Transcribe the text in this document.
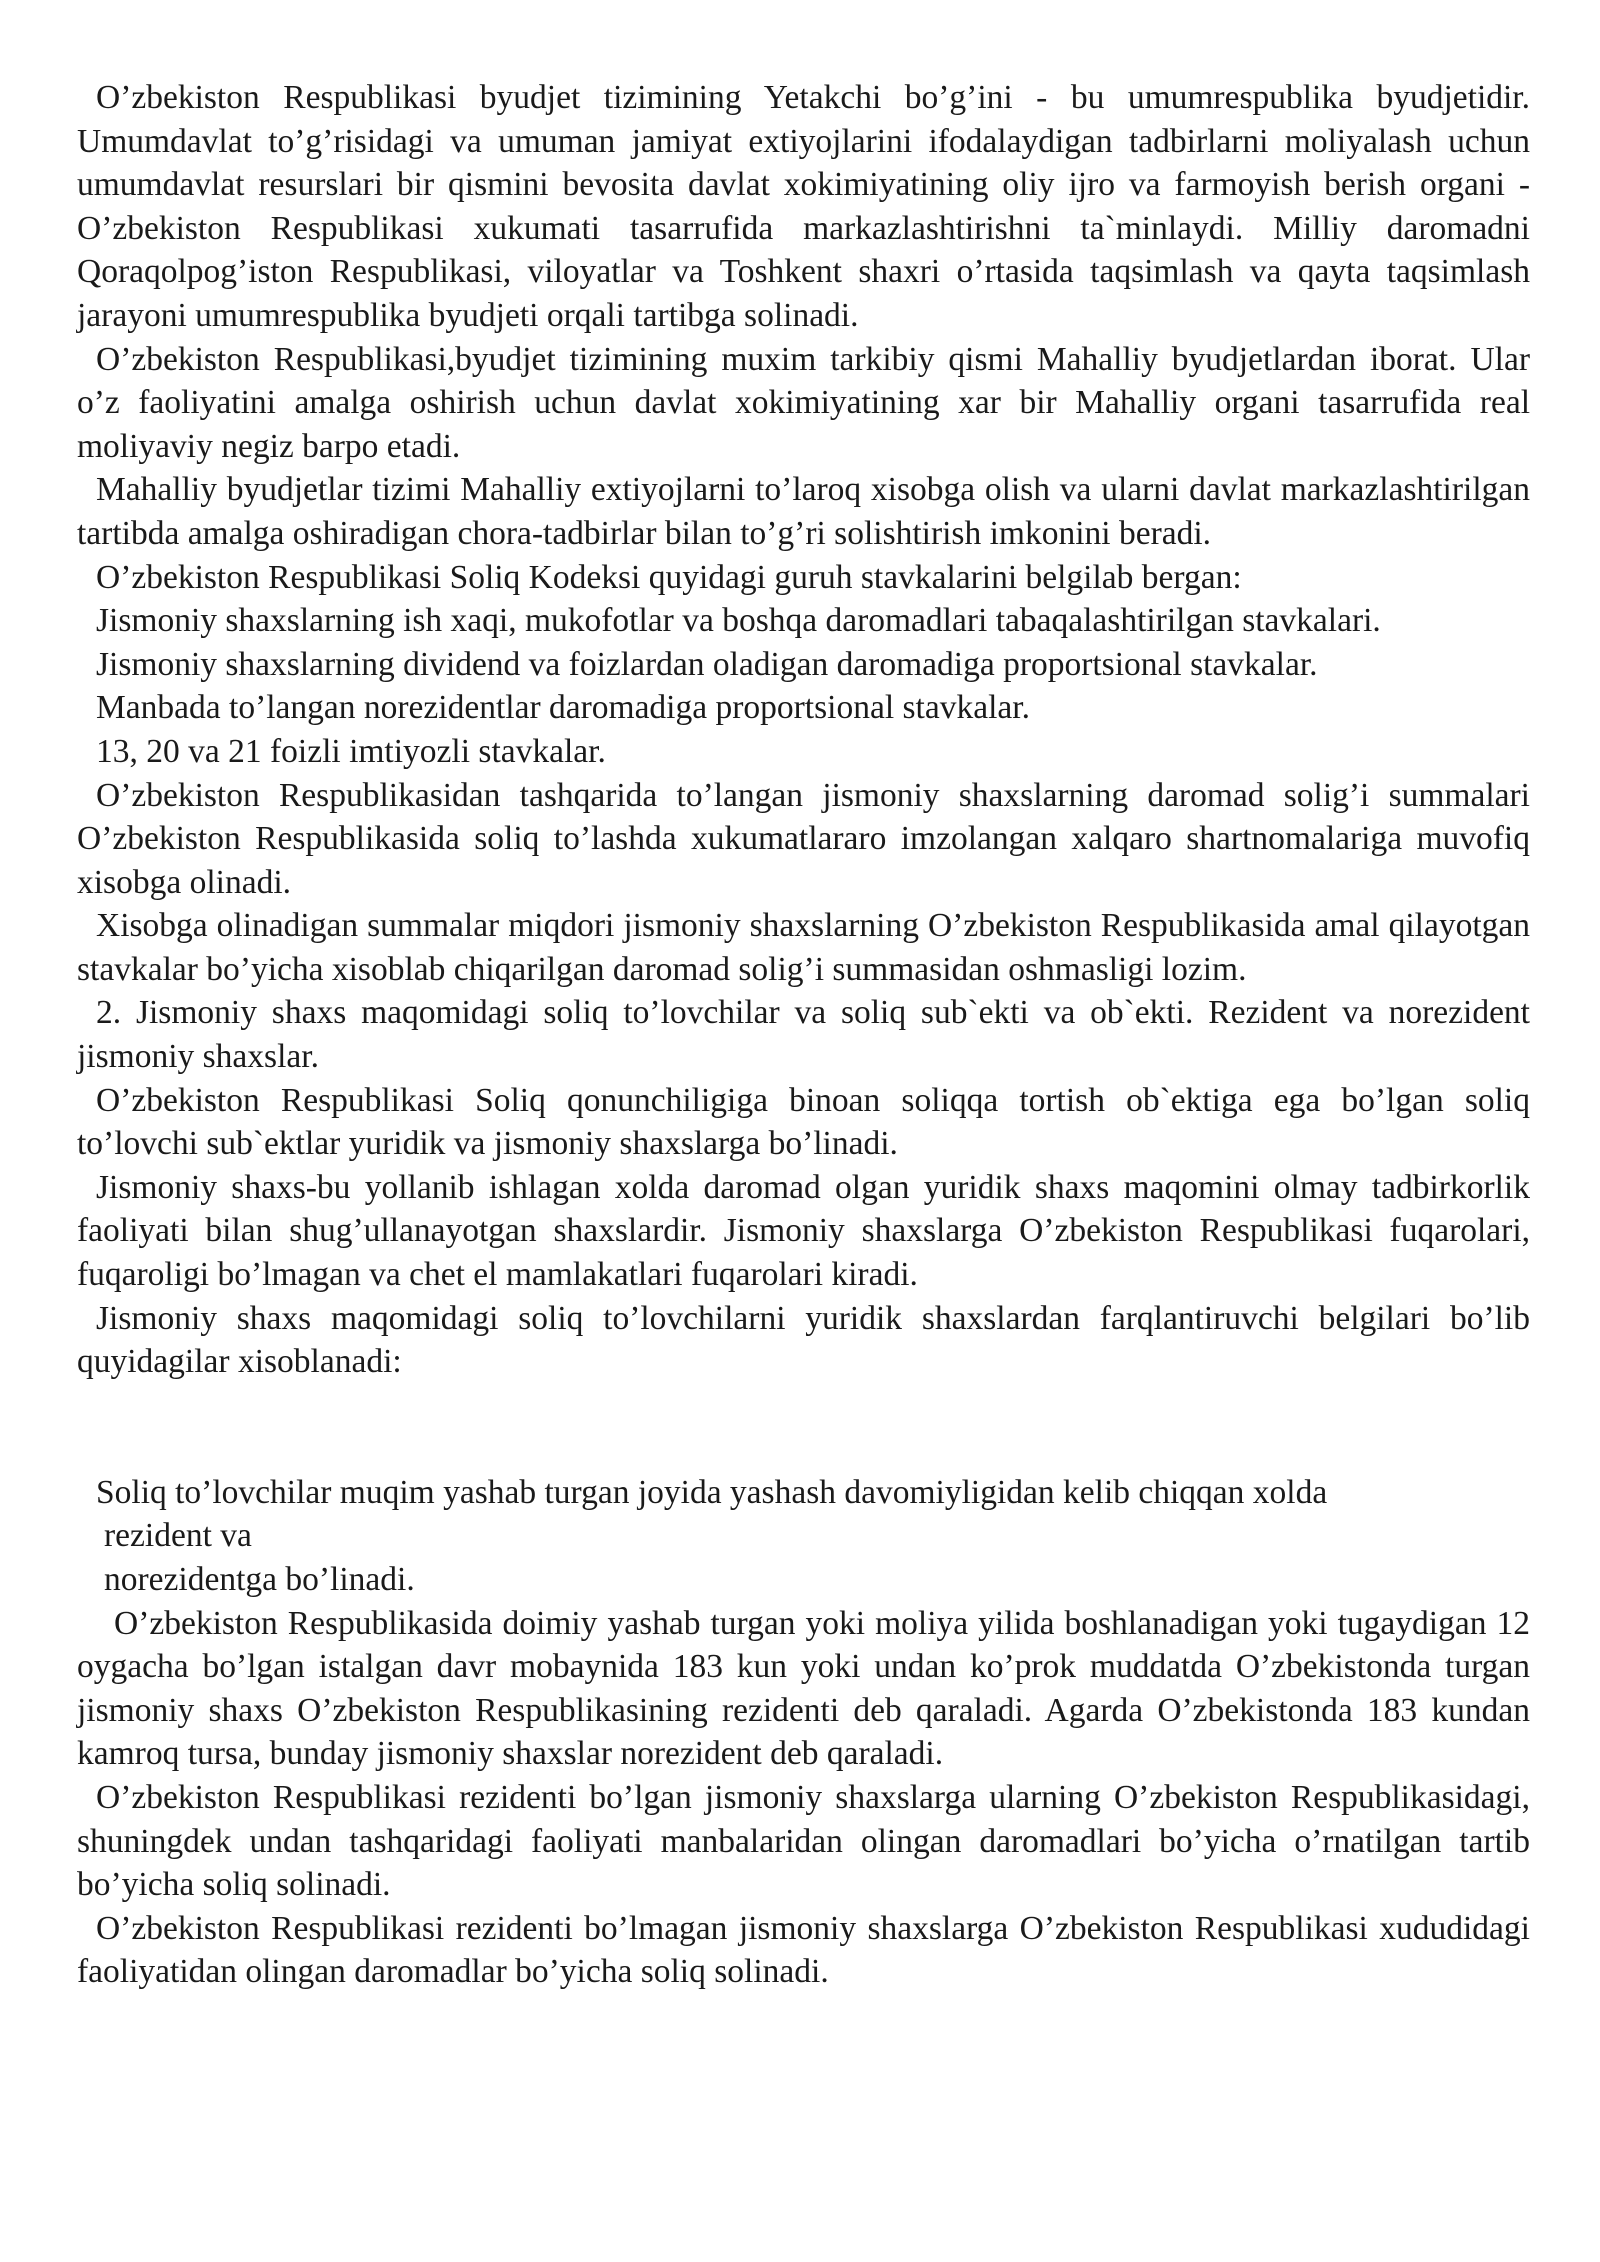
O’zbekiston Respublikasi byudjet tizimining Yetakchi bo’g’ini - bu umumrespublika byudjetidir. Umumdavlat to’g’risidagi va umuman jamiyat extiyojlarini ifodalaydigan tadbirlarni moliyalash uchun umumdavlat resurslari bir qismini bevosita davlat xokimiyatining oliy ijro va farmoyish berish organi - O’zbekiston Respublikasi xukumati tasarrufida markazlashtirishni ta`minlaydi. Milliy daromadni Qoraqolpog’iston Respublikasi, viloyatlar va Toshkent shaxri o’rtasida taqsimlash va qayta taqsimlash jarayoni umumrespublika byudjeti orqali tartibga solinadi.

O’zbekiston Respublikasi,byudjet tizimining muxim tarkibiy qismi Mahalliy byudjetlardan iborat. Ular o’z faoliyatini amalga oshirish uchun davlat xokimiyatining xar bir Mahalliy organi tasarrufida real moliyaviy negiz barpo etadi.

Mahalliy byudjetlar tizimi Mahalliy extiyojlarni to’laroq xisobga olish va ularni davlat markazlashtirilgan tartibda amalga oshiradigan chora-tadbirlar bilan to’g’ri solishtirish imkonini beradi.

O’zbekiston Respublikasi Soliq Kodeksi quyidagi guruh stavkalarini belgilab bergan:

Jismoniy shaxslarning ish xaqi, mukofotlar va boshqa daromadlari tabaqalashtirilgan stavkalari.

Jismoniy shaxslarning dividend va foizlardan oladigan daromadiga proportsional stavkalar.

Manbada to’langan norezidentlar daromadiga proportsional stavkalar.

13, 20 va 21 foizli imtiyozli stavkalar.

O’zbekiston Respublikasidan tashqarida to’langan jismoniy shaxslarning daromad solig’i summalari O’zbekiston Respublikasida soliq to’lashda xukumatlararo imzolangan xalqaro shartnomalariga muvofiq xisobga olinadi.

Xisobga olinadigan summalar miqdori jismoniy shaxslarning O’zbekiston Respublikasida amal qilayotgan stavkalar bo’yicha xisoblab chiqarilgan daromad solig’i summasidan oshmasligi lozim.

2. Jismoniy shaxs maqomidagi soliq to’lovchilar va soliq sub`ekti va ob`ekti. Rezident va norezident jismoniy shaxslar.

O’zbekiston Respublikasi Soliq qonunchiligiga binoan soliqqa tortish ob`ektiga ega bo’lgan soliq to’lovchi sub`ektlar yuridik va jismoniy shaxslarga bo’linadi.

Jismoniy shaxs-bu yollanib ishlagan xolda daromad olgan yuridik shaxs maqomini olmay tadbirkorlik faoliyati bilan shug’ullanayotgan shaxslardir. Jismoniy shaxslarga O’zbekiston Respublikasi fuqarolari, fuqaroligi bo’lmagan va chet el mamlakatlari fuqarolari kiradi.

Jismoniy shaxs maqomidagi soliq to’lovchilarni yuridik shaxslardan farqlantiruvchi belgilari bo’lib quyidagilar xisoblanadi:

Soliq to’lovchilar muqim yashab turgan joyida yashash davomiyligidan kelib chiqqan xolda

rezident va

norezidentga bo’linadi.

O’zbekiston Respublikasida doimiy yashab turgan yoki moliya yilida boshlanadigan yoki tugaydigan 12 oygacha bo’lgan istalgan davr mobaynida 183 kun yoki undan ko’prok muddatda O’zbekistonda turgan jismoniy shaxs O’zbekiston Respublikasining rezidenti deb qaraladi. Agarda O’zbekistonda 183 kundan kamroq tursa, bunday jismoniy shaxslar norezident deb qaraladi.

O’zbekiston Respublikasi rezidenti bo’lgan jismoniy shaxslarga ularning O’zbekiston Respublikasidagi, shuningdek undan tashqaridagi faoliyati manbalaridan olingan daromadlari bo’yicha o’rnatilgan tartib bo’yicha soliq solinadi.

O’zbekiston Respublikasi rezidenti bo’lmagan jismoniy shaxslarga O’zbekiston Respublikasi xududidagi faoliyatidan olingan daromadlar bo’yicha soliq solinadi.
